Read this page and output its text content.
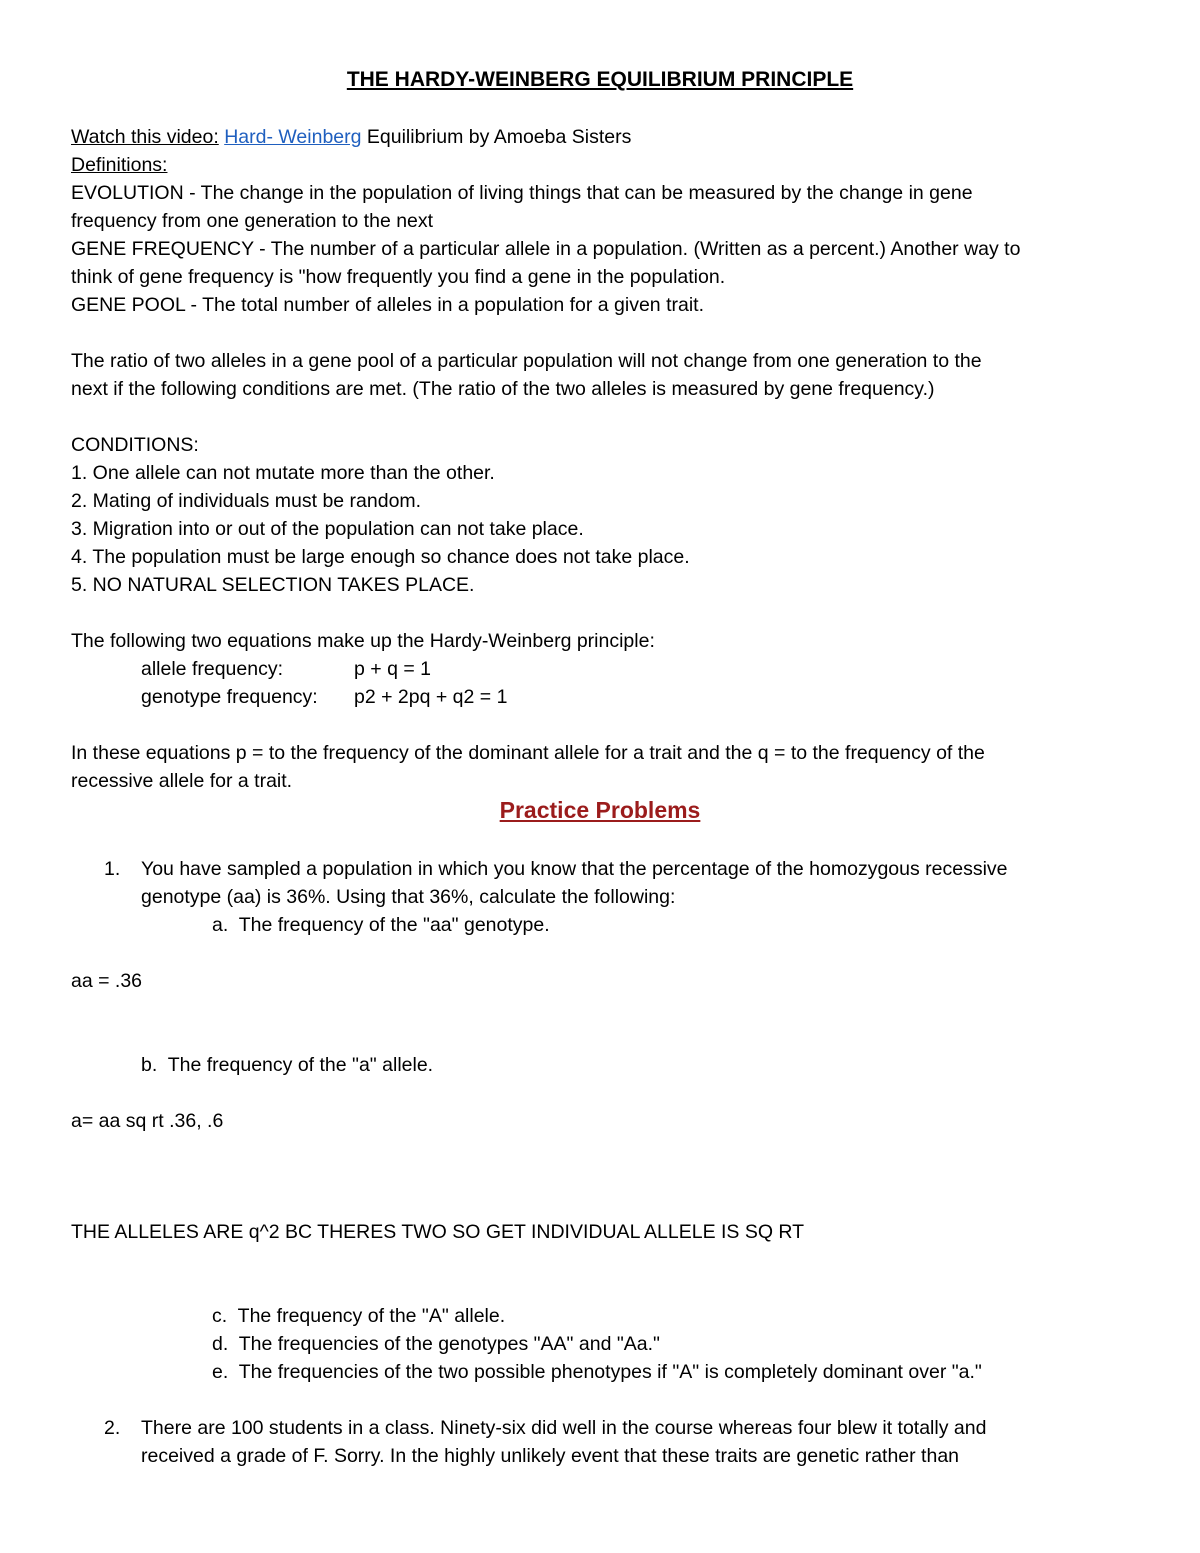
THE HARDY-WEINBERG EQUILIBRIUM PRINCIPLE
Watch this video: Hard- Weinberg Equilibrium by Amoeba Sisters
Definitions:
EVOLUTION - The change in the population of living things that can be measured by the change in gene
frequency from one generation to the next
GENE FREQUENCY - The number of a particular allele in a population. (Written as a percent.) Another way to
think of gene frequency is "how frequently you find a gene in the population.
GENE POOL - The total number of alleles in a population for a given trait.
The ratio of two alleles in a gene pool of a particular population will not change from one generation to the
next if the following conditions are met. (The ratio of the two alleles is measured by gene frequency.)
CONDITIONS:
1. One allele can not mutate more than the other.
2. Mating of individuals must be random.
3. Migration into or out of the population can not take place.
4. The population must be large enough so chance does not take place.
5. NO NATURAL SELECTION TAKES PLACE.
The following two equations make up the Hardy-Weinberg principle:
allele frequency:	p + q = 1
genotype frequency: p2 + 2pq + q2 = 1
In these equations p = to the frequency of the dominant allele for a trait and the q = to the frequency of the
recessive allele for a trait.
Practice Problems
1. You have sampled a population in which you know that the percentage of the homozygous recessive
genotype (aa) is 36%. Using that 36%, calculate the following:
a. The frequency of the "aa" genotype.
aa = .36
b. The frequency of the "a" allele.
a= aa sq rt .36, .6
THE ALLELES ARE q^2 BC THERES TWO SO GET INDIVIDUAL ALLELE IS SQ RT
c. The frequency of the "A" allele.
d. The frequencies of the genotypes "AA" and "Aa."
e. The frequencies of the two possible phenotypes if "A" is completely dominant over "a."
2. There are 100 students in a class. Ninety-six did well in the course whereas four blew it totally and
received a grade of F. Sorry. In the highly unlikely event that these traits are genetic rather than
